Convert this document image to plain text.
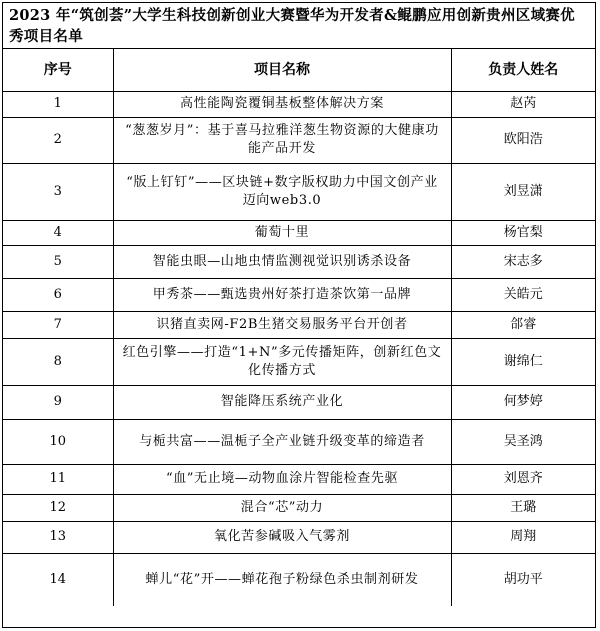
2023 年“筑创荟”大学生科技创新创业大赛暨华为开发者&鲲鹏应用创新贵州区域赛优秀项目名单
序号	项目名称	负责人姓名
1	高性能陶瓷覆铜基板整体解决方案	赵芮
2	“葱葱岁月”：基于喜马拉雅洋葱生物资源的大健康功能产品开发	欧阳浩
3	“版上钉钉”——区块链+数字版权助力中国文创产业迈向web3.0	刘昱潇
4	葡萄十里	杨官梨
5	智能虫眼—山地虫情监测视觉识别诱杀设备	宋志多
6	甲秀茶——甄选贵州好茶打造茶饮第一品牌	关皓元
7	识猪直卖网-F2B生猪交易服务平台开创者	郃睿
8	红色引擎——打造“1+N”多元传播矩阵，创新红色文化传播方式	谢绵仁
9	智能降压系统产业化	何梦婷
10	与栀共富——温栀子全产业链升级变革的缔造者	吴圣鸿
11	“血”无止境—动物血涂片智能检查先驱	刘恩齐
12	混合“芯”动力	王璐
13	氧化苦参碱吸入气雾剂	周翔
14	蝉儿“花”开——蝉花孢子粉绿色杀虫制剂研发	胡功平
